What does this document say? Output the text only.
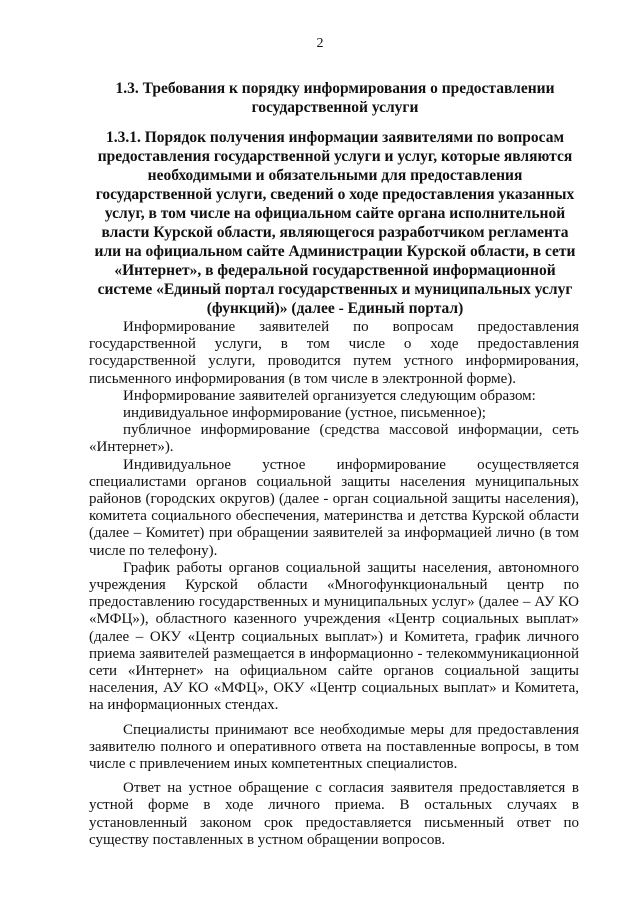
2
1.3. Требования к порядку информирования о предоставлении государственной услуги
1.3.1. Порядок получения информации заявителями по вопросам предоставления государственной услуги и услуг, которые являются необходимыми и обязательными для предоставления государственной услуги, сведений о ходе предоставления указанных услуг, в том числе на официальном сайте органа исполнительной власти Курской области, являющегося разработчиком регламента или на официальном сайте Администрации Курской области, в сети «Интернет», в федеральной государственной информационной системе «Единый портал государственных и муниципальных услуг (функций)» (далее - Единый портал)

Информирование заявителей по вопросам предоставления государственной услуги, в том числе о ходе предоставления государственной услуги, проводится путем устного информирования, письменного информирования (в том числе в электронной форме).

Информирование заявителей организуется следующим образом:

индивидуальное информирование (устное, письменное);

публичное информирование (средства массовой информации, сеть «Интернет»).

Индивидуальное устное информирование осуществляется специалистами органов социальной защиты населения муниципальных районов (городских округов) (далее - орган социальной защиты населения), комитета социального обеспечения, материнства и детства Курской области (далее – Комитет) при обращении заявителей за информацией лично (в том числе по телефону).

График работы органов социальной защиты населения, автономного учреждения Курской области «Многофункциональный центр по предоставлению государственных и муниципальных услуг» (далее – АУ КО «МФЦ»), областного казенного учреждения «Центр социальных выплат» (далее – ОКУ «Центр социальных выплат») и Комитета, график личного приема заявителей размещается в информационно - телекоммуникационной сети «Интернет» на официальном сайте органов социальной защиты населения, АУ КО «МФЦ», ОКУ «Центр социальных выплат» и Комитета, на информационных стендах.

Специалисты принимают все необходимые меры для предоставления заявителю полного и оперативного ответа на поставленные вопросы, в том числе с привлечением иных компетентных специалистов.

Ответ на устное обращение с согласия заявителя предоставляется в устной форме в ходе личного приема. В остальных случаях в установленный законом срок предоставляется письменный ответ по существу поставленных в устном обращении вопросов.
